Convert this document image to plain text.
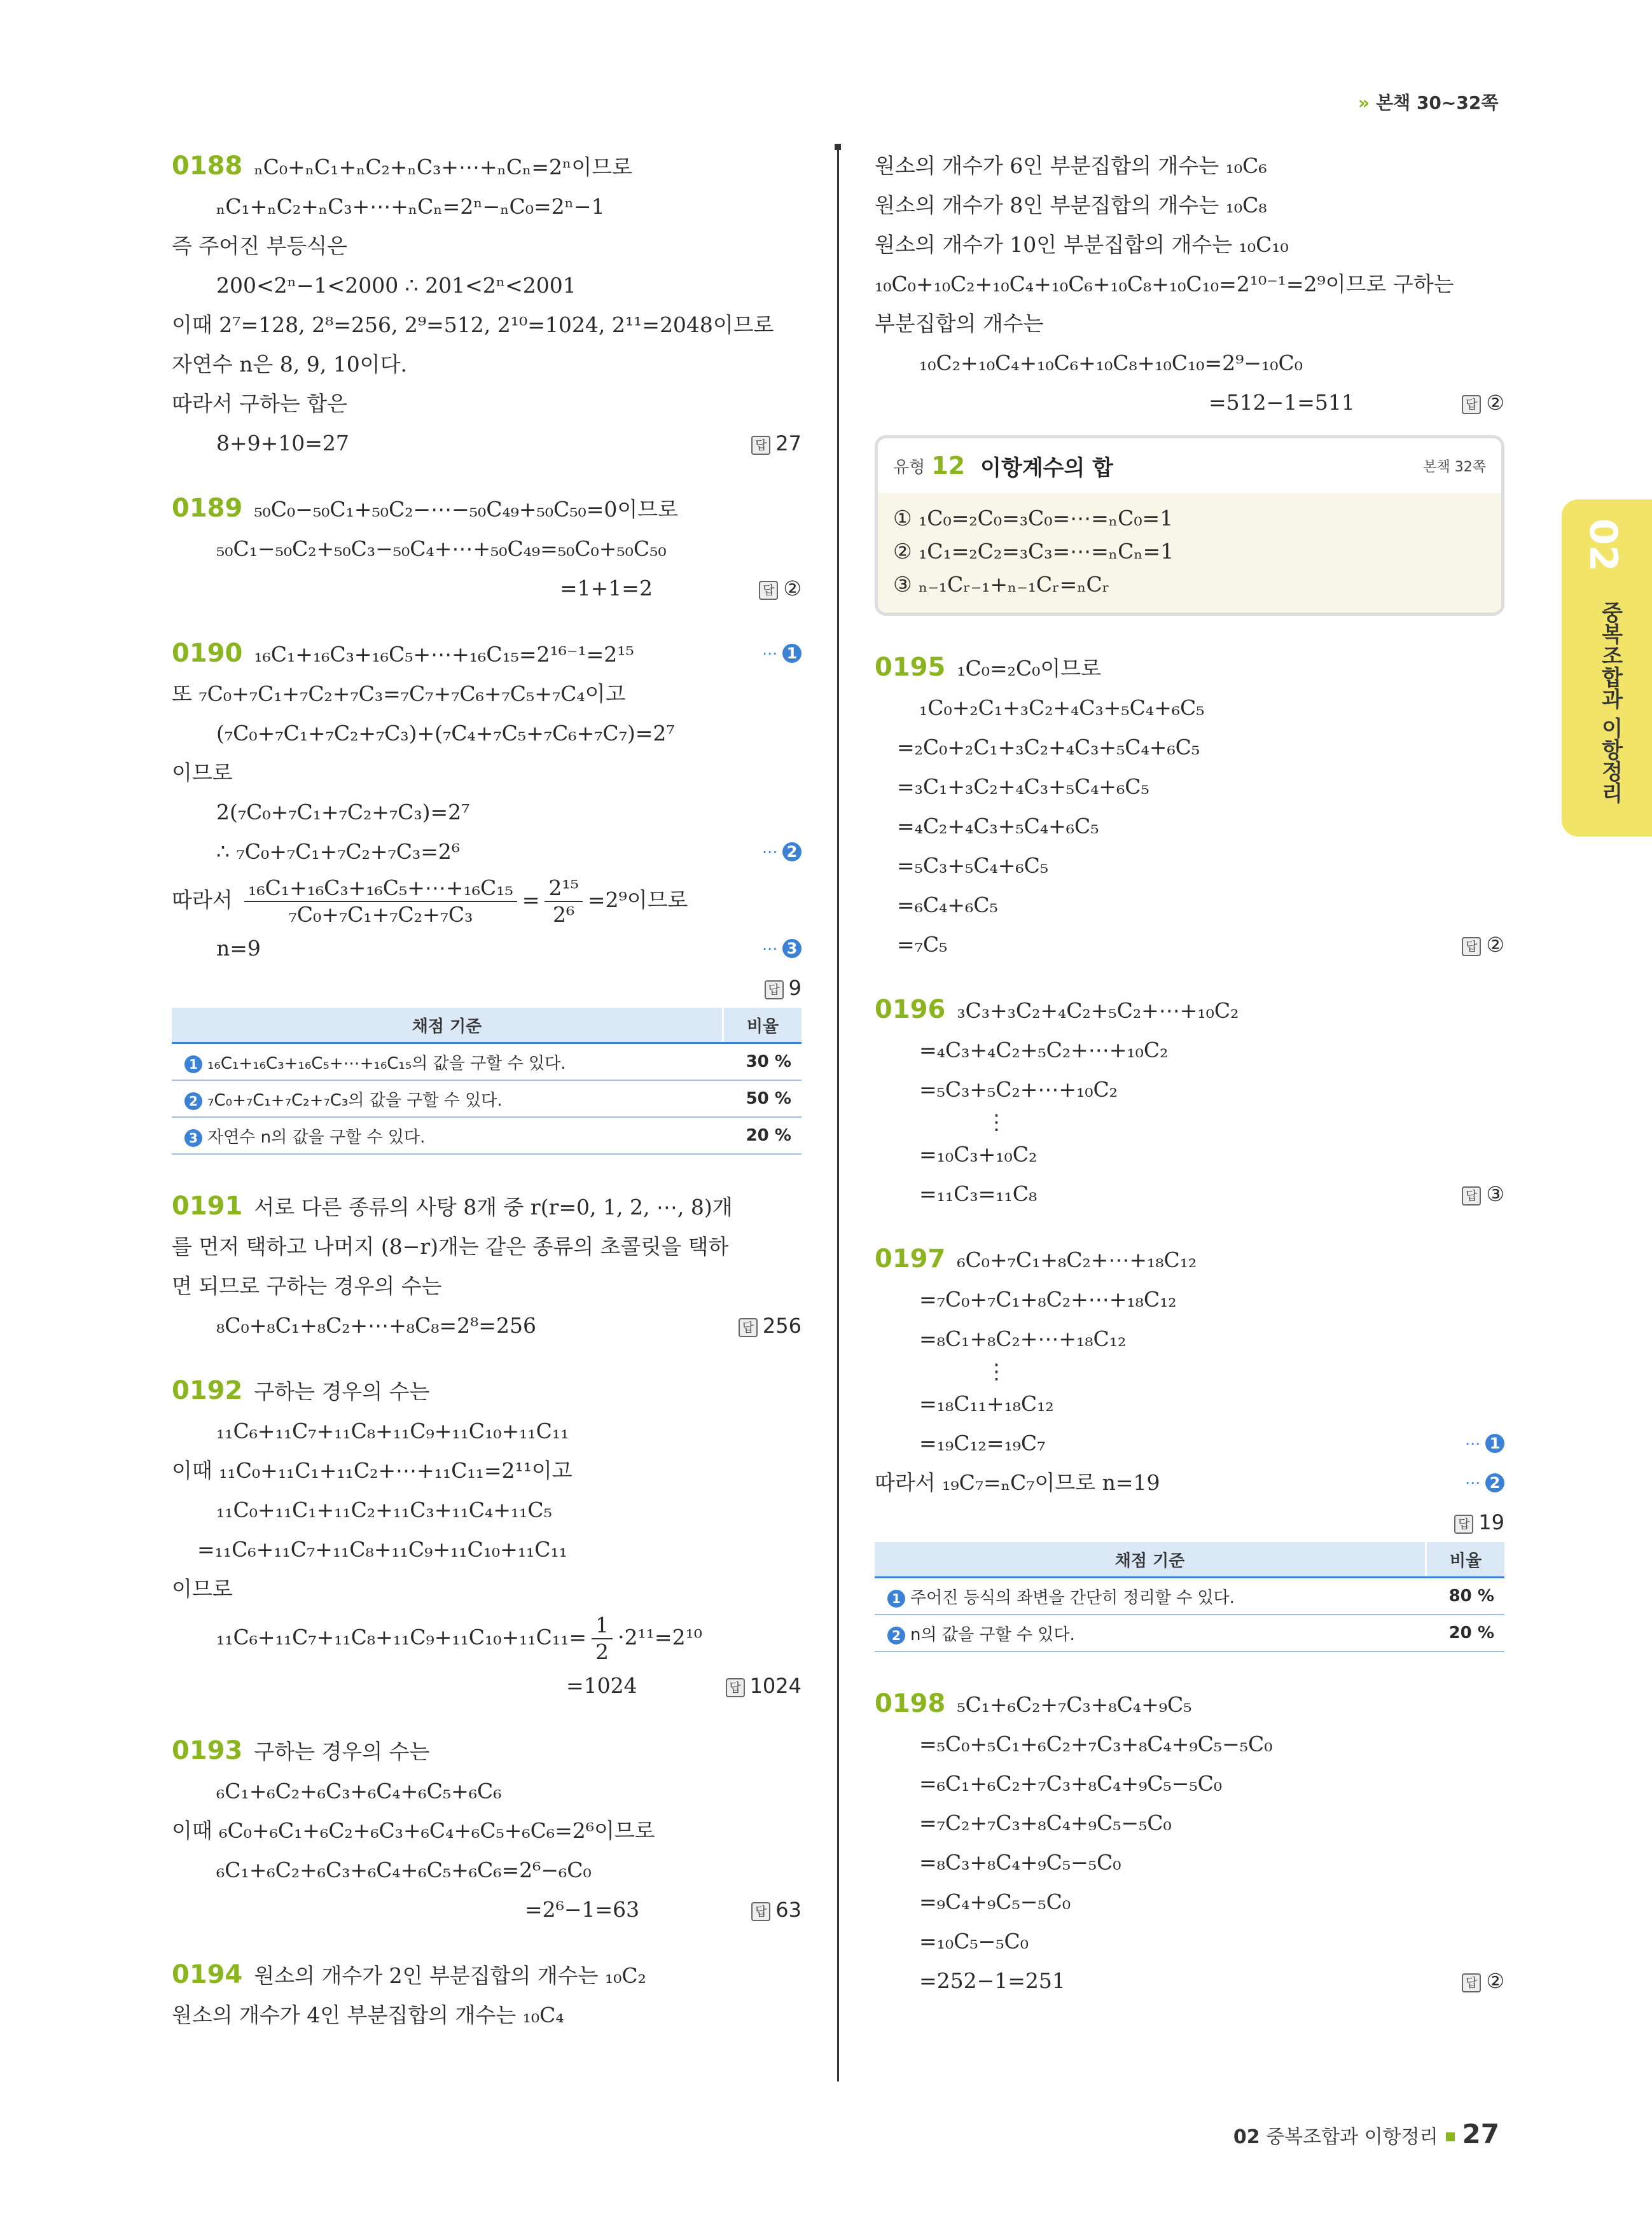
» 본책 30~32쪽
02
중복조합과 이항정리
0188 ₙC₀+ₙC₁+ₙC₂+ₙC₃+⋯+ₙCₙ=2ⁿ이므로
ₙC₁+ₙC₂+ₙC₃+⋯+ₙCₙ=2ⁿ−ₙC₀=2ⁿ−1
즉 주어진 부등식은
200<2ⁿ−1<2000 ∴ 201<2ⁿ<2001
이때 2⁷=128, 2⁸=256, 2⁹=512, 2¹⁰=1024, 2¹¹=2048이므로
자연수 n은 8, 9, 10이다.
따라서 구하는 합은
8+9+10=27	답 27
0189 ₅₀C₀−₅₀C₁+₅₀C₂−⋯−₅₀C₄₉+₅₀C₅₀=0이므로
₅₀C₁−₅₀C₂+₅₀C₃−₅₀C₄+⋯+₅₀C₄₉=₅₀C₀+₅₀C₅₀
=1+1=2	답 ②
0190 ₁₆C₁+₁₆C₃+₁₆C₅+⋯+₁₆C₁₅=2¹⁶⁻¹=2¹⁵	⋯ 1
또 ₇C₀+₇C₁+₇C₂+₇C₃=₇C₇+₇C₆+₇C₅+₇C₄이고
(₇C₀+₇C₁+₇C₂+₇C₃)+(₇C₄+₇C₅+₇C₆+₇C₇)=2⁷
이므로
2(₇C₀+₇C₁+₇C₂+₇C₃)=2⁷
∴ ₇C₀+₇C₁+₇C₂+₇C₃=2⁶	⋯ 2
따라서 $\frac{\text{₁₆C₁+₁₆C₃+₁₆C₅+⋯+₁₆C₁₅}}{\text{₇C₀+₇C₁+₇C₂+₇C₃}} = \frac{\text{2¹⁵}}{\text{2⁶}} =2^9$이므로
n=9	⋯ 3
답 9
채점 기준	비율
1 ₁₆C₁+₁₆C₃+₁₆C₅+⋯+₁₆C₁₅의 값을 구할 수 있다.	30 %
2 ₇C₀+₇C₁+₇C₂+₇C₃의 값을 구할 수 있다.	50 %
3 자연수 n의 값을 구할 수 있다.	20 %
0191 서로 다른 종류의 사탕 8개 중 r(r=0, 1, 2, ⋯, 8)개
를 먼저 택하고 나머지 (8−r)개는 같은 종류의 초콜릿을 택하
면 되므로 구하는 경우의 수는
₈C₀+₈C₁+₈C₂+⋯+₈C₈=2⁸=256	답 256
0192 구하는 경우의 수는
₁₁C₆+₁₁C₇+₁₁C₈+₁₁C₉+₁₁C₁₀+₁₁C₁₁
이때 ₁₁C₀+₁₁C₁+₁₁C₂+⋯+₁₁C₁₁=2¹¹이고
₁₁C₀+₁₁C₁+₁₁C₂+₁₁C₃+₁₁C₄+₁₁C₅
=₁₁C₆+₁₁C₇+₁₁C₈+₁₁C₉+₁₁C₁₀+₁₁C₁₁
이므로
$_{11}C_6+_{11}C_7+_{11}C_8+_{11}C_9+_{11}C_{10}+_{11}C_{11}= \frac{1}{2} \cdot 2^{11}=2^{10}$
=1024	답 1024
0193 구하는 경우의 수는
₆C₁+₆C₂+₆C₃+₆C₄+₆C₅+₆C₆
이때 ₆C₀+₆C₁+₆C₂+₆C₃+₆C₄+₆C₅+₆C₆=2⁶이므로
₆C₁+₆C₂+₆C₃+₆C₄+₆C₅+₆C₆=2⁶−₆C₀
=2⁶−1=63	답 63
0194 원소의 개수가 2인 부분집합의 개수는 ₁₀C₂
원소의 개수가 4인 부분집합의 개수는 ₁₀C₄
원소의 개수가 6인 부분집합의 개수는 ₁₀C₆
원소의 개수가 8인 부분집합의 개수는 ₁₀C₈
원소의 개수가 10인 부분집합의 개수는 ₁₀C₁₀
₁₀C₀+₁₀C₂+₁₀C₄+₁₀C₆+₁₀C₈+₁₀C₁₀=2¹⁰⁻¹=2⁹이므로 구하는
부분집합의 개수는
₁₀C₂+₁₀C₄+₁₀C₆+₁₀C₈+₁₀C₁₀=2⁹−₁₀C₀
=512−1=511	답 ②
유형 12 이항계수의 합	본책 32쪽
① ₁C₀=₂C₀=₃C₀=⋯=ₙC₀=1
② ₁C₁=₂C₂=₃C₃=⋯=ₙCₙ=1
③ ₙ₋₁Cᵣ₋₁+ₙ₋₁Cᵣ=ₙCᵣ
0195 ₁C₀=₂C₀이므로
₁C₀+₂C₁+₃C₂+₄C₃+₅C₄+₆C₅
=₂C₀+₂C₁+₃C₂+₄C₃+₅C₄+₆C₅
=₃C₁+₃C₂+₄C₃+₅C₄+₆C₅
=₄C₂+₄C₃+₅C₄+₆C₅
=₅C₃+₅C₄+₆C₅
=₆C₄+₆C₅
=₇C₅	답 ②
0196 ₃C₃+₃C₂+₄C₂+₅C₂+⋯+₁₀C₂
=₄C₃+₄C₂+₅C₂+⋯+₁₀C₂
=₅C₃+₅C₂+⋯+₁₀C₂
⋮
=₁₀C₃+₁₀C₂
=₁₁C₃=₁₁C₈	답 ③
0197 ₆C₀+₇C₁+₈C₂+⋯+₁₈C₁₂
=₇C₀+₇C₁+₈C₂+⋯+₁₈C₁₂
=₈C₁+₈C₂+⋯+₁₈C₁₂
⋮
=₁₈C₁₁+₁₈C₁₂
=₁₉C₁₂=₁₉C₇	⋯ 1
따라서 ₁₉C₇=ₙC₇이므로 n=19	⋯ 2
답 19
채점 기준	비율
1 주어진 등식의 좌변을 간단히 정리할 수 있다.	80 %
2 n의 값을 구할 수 있다.	20 %
0198 ₅C₁+₆C₂+₇C₃+₈C₄+₉C₅
=₅C₀+₅C₁+₆C₂+₇C₃+₈C₄+₉C₅−₅C₀
=₆C₁+₆C₂+₇C₃+₈C₄+₉C₅−₅C₀
=₇C₂+₇C₃+₈C₄+₉C₅−₅C₀
=₈C₃+₈C₄+₉C₅−₅C₀
=₉C₄+₉C₅−₅C₀
=₁₀C₅−₅C₀
=252−1=251	답 ②
02 중복조합과 이항정리 27
